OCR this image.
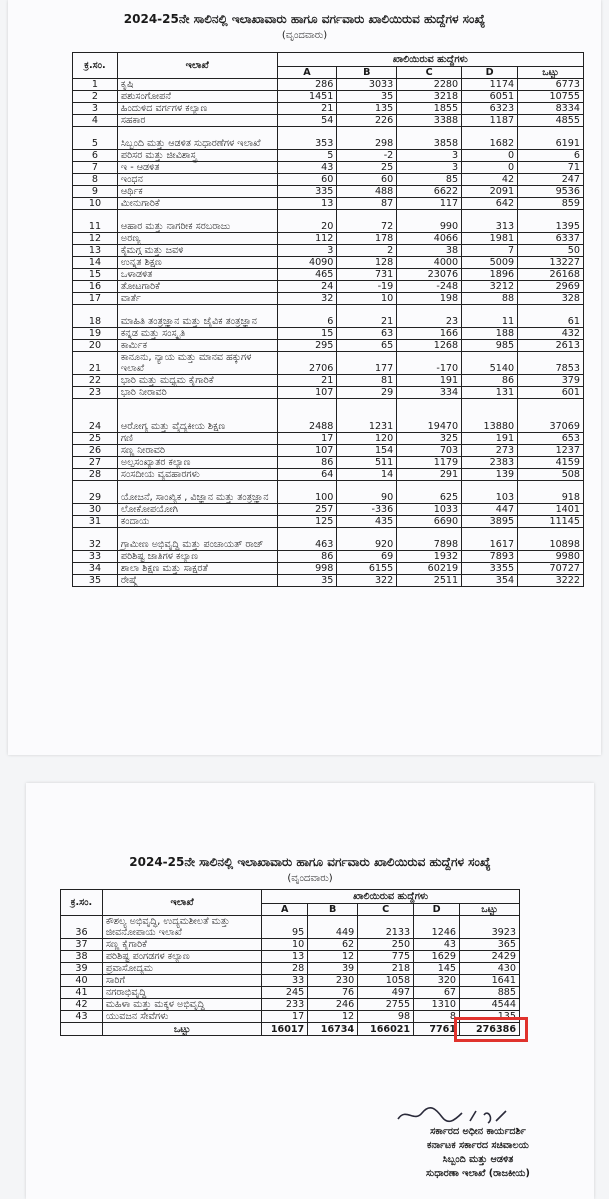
2024-25ನೇ ಸಾಲಿನಲ್ಲಿ ಇಲಾಖಾವಾರು ಹಾಗೂ ವರ್ಗವಾರು ಖಾಲಿಯಿರುವ ಹುದ್ದೆಗಳ ಸಂಖ್ಯೆ
(ವೃಂದವಾರು)
ಕ್ರ.ಸಂ.	ಇಲಾಖೆ	ಖಾಲಿಯಿರುವ ಹುದ್ದೆಗಳು				
		A	B	C	D	ಒಟ್ಟು
1	ಕೃಷಿ	286	3033	2280	1174	6773
2	ಪಶುಸಂಗೋಪನೆ	1451	35	3218	6051	10755
3	ಹಿಂದುಳಿದ ವರ್ಗಗಳ ಕಲ್ಯಾಣ	21	135	1855	6323	8334
4	ಸಹಕಾರ	54	226	3388	1187	4855
5	ಸಿಬ್ಬಂದಿ ಮತ್ತು ಆಡಳಿತ ಸುಧಾರಣೆಗಳ ಇಲಾಖೆ	353	298	3858	1682	6191
6	ಪರಿಸರ ಮತ್ತು ಜೀವಿಶಾಸ್ತ್ರ	5	-2	3	0	6
7	ಇ - ಆಡಳಿತ	43	25	3	0	71
8	ಇಂಧನ	60	60	85	42	247
9	ಆರ್ಥಿಕ	335	488	6622	2091	9536
10	ಮೀನುಗಾರಿಕೆ	13	87	117	642	859
11	ಆಹಾರ ಮತ್ತು ನಾಗರೀಕ ಸರಬರಾಜು	20	72	990	313	1395
12	ಅರಣ್ಯ	112	178	4066	1981	6337
13	ಕೈಮಗ್ಗ ಮತ್ತು ಜವಳಿ	3	2	38	7	50
14	ಉನ್ನತ ಶಿಕ್ಷಣ	4090	128	4000	5009	13227
15	ಒಳಾಡಳಿತ	465	731	23076	1896	26168
16	ತೋಟಗಾರಿಕೆ	24	-19	-248	3212	2969
17	ವಾರ್ತೆ	32	10	198	88	328
18	ಮಾಹಿತಿ ತಂತ್ರಜ್ಞಾನ ಮತ್ತು ಜೈವಿಕ ತಂತ್ರಜ್ಞಾನ	6	21	23	11	61
19	ಕನ್ನಡ ಮತ್ತು ಸಂಸ್ಕೃತಿ	15	63	166	188	432
20	ಕಾರ್ಮಿಕ	295	65	1268	985	2613
21	ಕಾನೂನು, ನ್ಯಾಯ ಮತ್ತು ಮಾನವ ಹಕ್ಕುಗಳ ಇಲಾಖೆ	2706	177	-170	5140	7853
22	ಭಾರಿ ಮತ್ತು ಮಧ್ಯಮ ಕೈಗಾರಿಕೆ	21	81	191	86	379
23	ಭಾರಿ ನೀರಾವರಿ	107	29	334	131	601
24	ಆರೋಗ್ಯ ಮತ್ತು ವೈದ್ಯಕೀಯ ಶಿಕ್ಷಣ	2488	1231	19470	13880	37069
25	ಗಣಿ	17	120	325	191	653
26	ಸಣ್ಣ ನೀರಾವರಿ	107	154	703	273	1237
27	ಅಲ್ಪಸಂಖ್ಯಾತರ ಕಲ್ಯಾಣ	86	511	1179	2383	4159
28	ಸಂಸದೀಯ ವ್ಯವಹಾರಗಳು	64	14	291	139	508
29	ಯೋಜನೆ, ಸಾಂಖ್ಯಿಕ , ವಿಜ್ಞಾನ ಮತ್ತು ತಂತ್ರಜ್ಞಾನ	100	90	625	103	918
30	ಲೋಕೋಪಯೋಗಿ	257	-336	1033	447	1401
31	ಕಂದಾಯ	125	435	6690	3895	11145
32	ಗ್ರಾಮೀಣ ಅಭಿವೃದ್ಧಿ ಮತ್ತು ಪಂಚಾಯತ್ ರಾಜ್	463	920	7898	1617	10898
33	ಪರಿಶಿಷ್ಟ ಜಾತಿಗಳ ಕಲ್ಯಾಣ	86	69	1932	7893	9980
34	ಶಾಲಾ ಶಿಕ್ಷಣ ಮತ್ತು ಸಾಕ್ಷರತೆ	998	6155	60219	3355	70727
35	ರೇಷ್ಮೆ	35	322	2511	354	3222
2024-25ನೇ ಸಾಲಿನಲ್ಲಿ ಇಲಾಖಾವಾರು ಹಾಗೂ ವರ್ಗವಾರು ಖಾಲಿಯಿರುವ ಹುದ್ದೆಗಳ ಸಂಖ್ಯೆ
(ವೃಂದವಾರು)
ಕ್ರ.ಸಂ.	ಇಲಾಖೆ	ಖಾಲಿಯಿರುವ ಹುದ್ದೆಗಳು				
		A	B	C	D	ಒಟ್ಟು
36	ಕೌಶಲ್ಯ ಅಭಿವೃದ್ಧಿ, ಉದ್ಯಮಶೀಲತೆ ಮತ್ತು ಜೀವನೋಪಾಯ ಇಲಾಖೆ	95	449	2133	1246	3923
37	ಸಣ್ಣ ಕೈಗಾರಿಕೆ	10	62	250	43	365
38	ಪರಿಶಿಷ್ಟ ಪಂಗಡಗಳ ಕಲ್ಯಾಣ	13	12	775	1629	2429
39	ಪ್ರವಾಸೋದ್ಯಮ	28	39	218	145	430
40	ಸಾರಿಗೆ	33	230	1058	320	1641
41	ನಗರಾಭಿವೃದ್ಧಿ	245	76	497	67	885
42	ಮಹಿಳಾ ಮತ್ತು ಮಕ್ಕಳ ಅಭಿವೃದ್ಧಿ	233	246	2755	1310	4544
43	ಯುವಜನ ಸೇವೆಗಳು	17	12	98	8	135
	ಒಟ್ಟು	16017	16734	166021	7761	276386
ಸರ್ಕಾರದ ಅಧೀನ ಕಾರ್ಯದರ್ಶಿ
ಕರ್ನಾಟಕ ಸರ್ಕಾರದ ಸಚಿವಾಲಯ
ಸಿಬ್ಬಂದಿ ಮತ್ತು ಆಡಳಿತ
ಸುಧಾರಣಾ ಇಲಾಖೆ (ರಾಜಕೀಯ)
